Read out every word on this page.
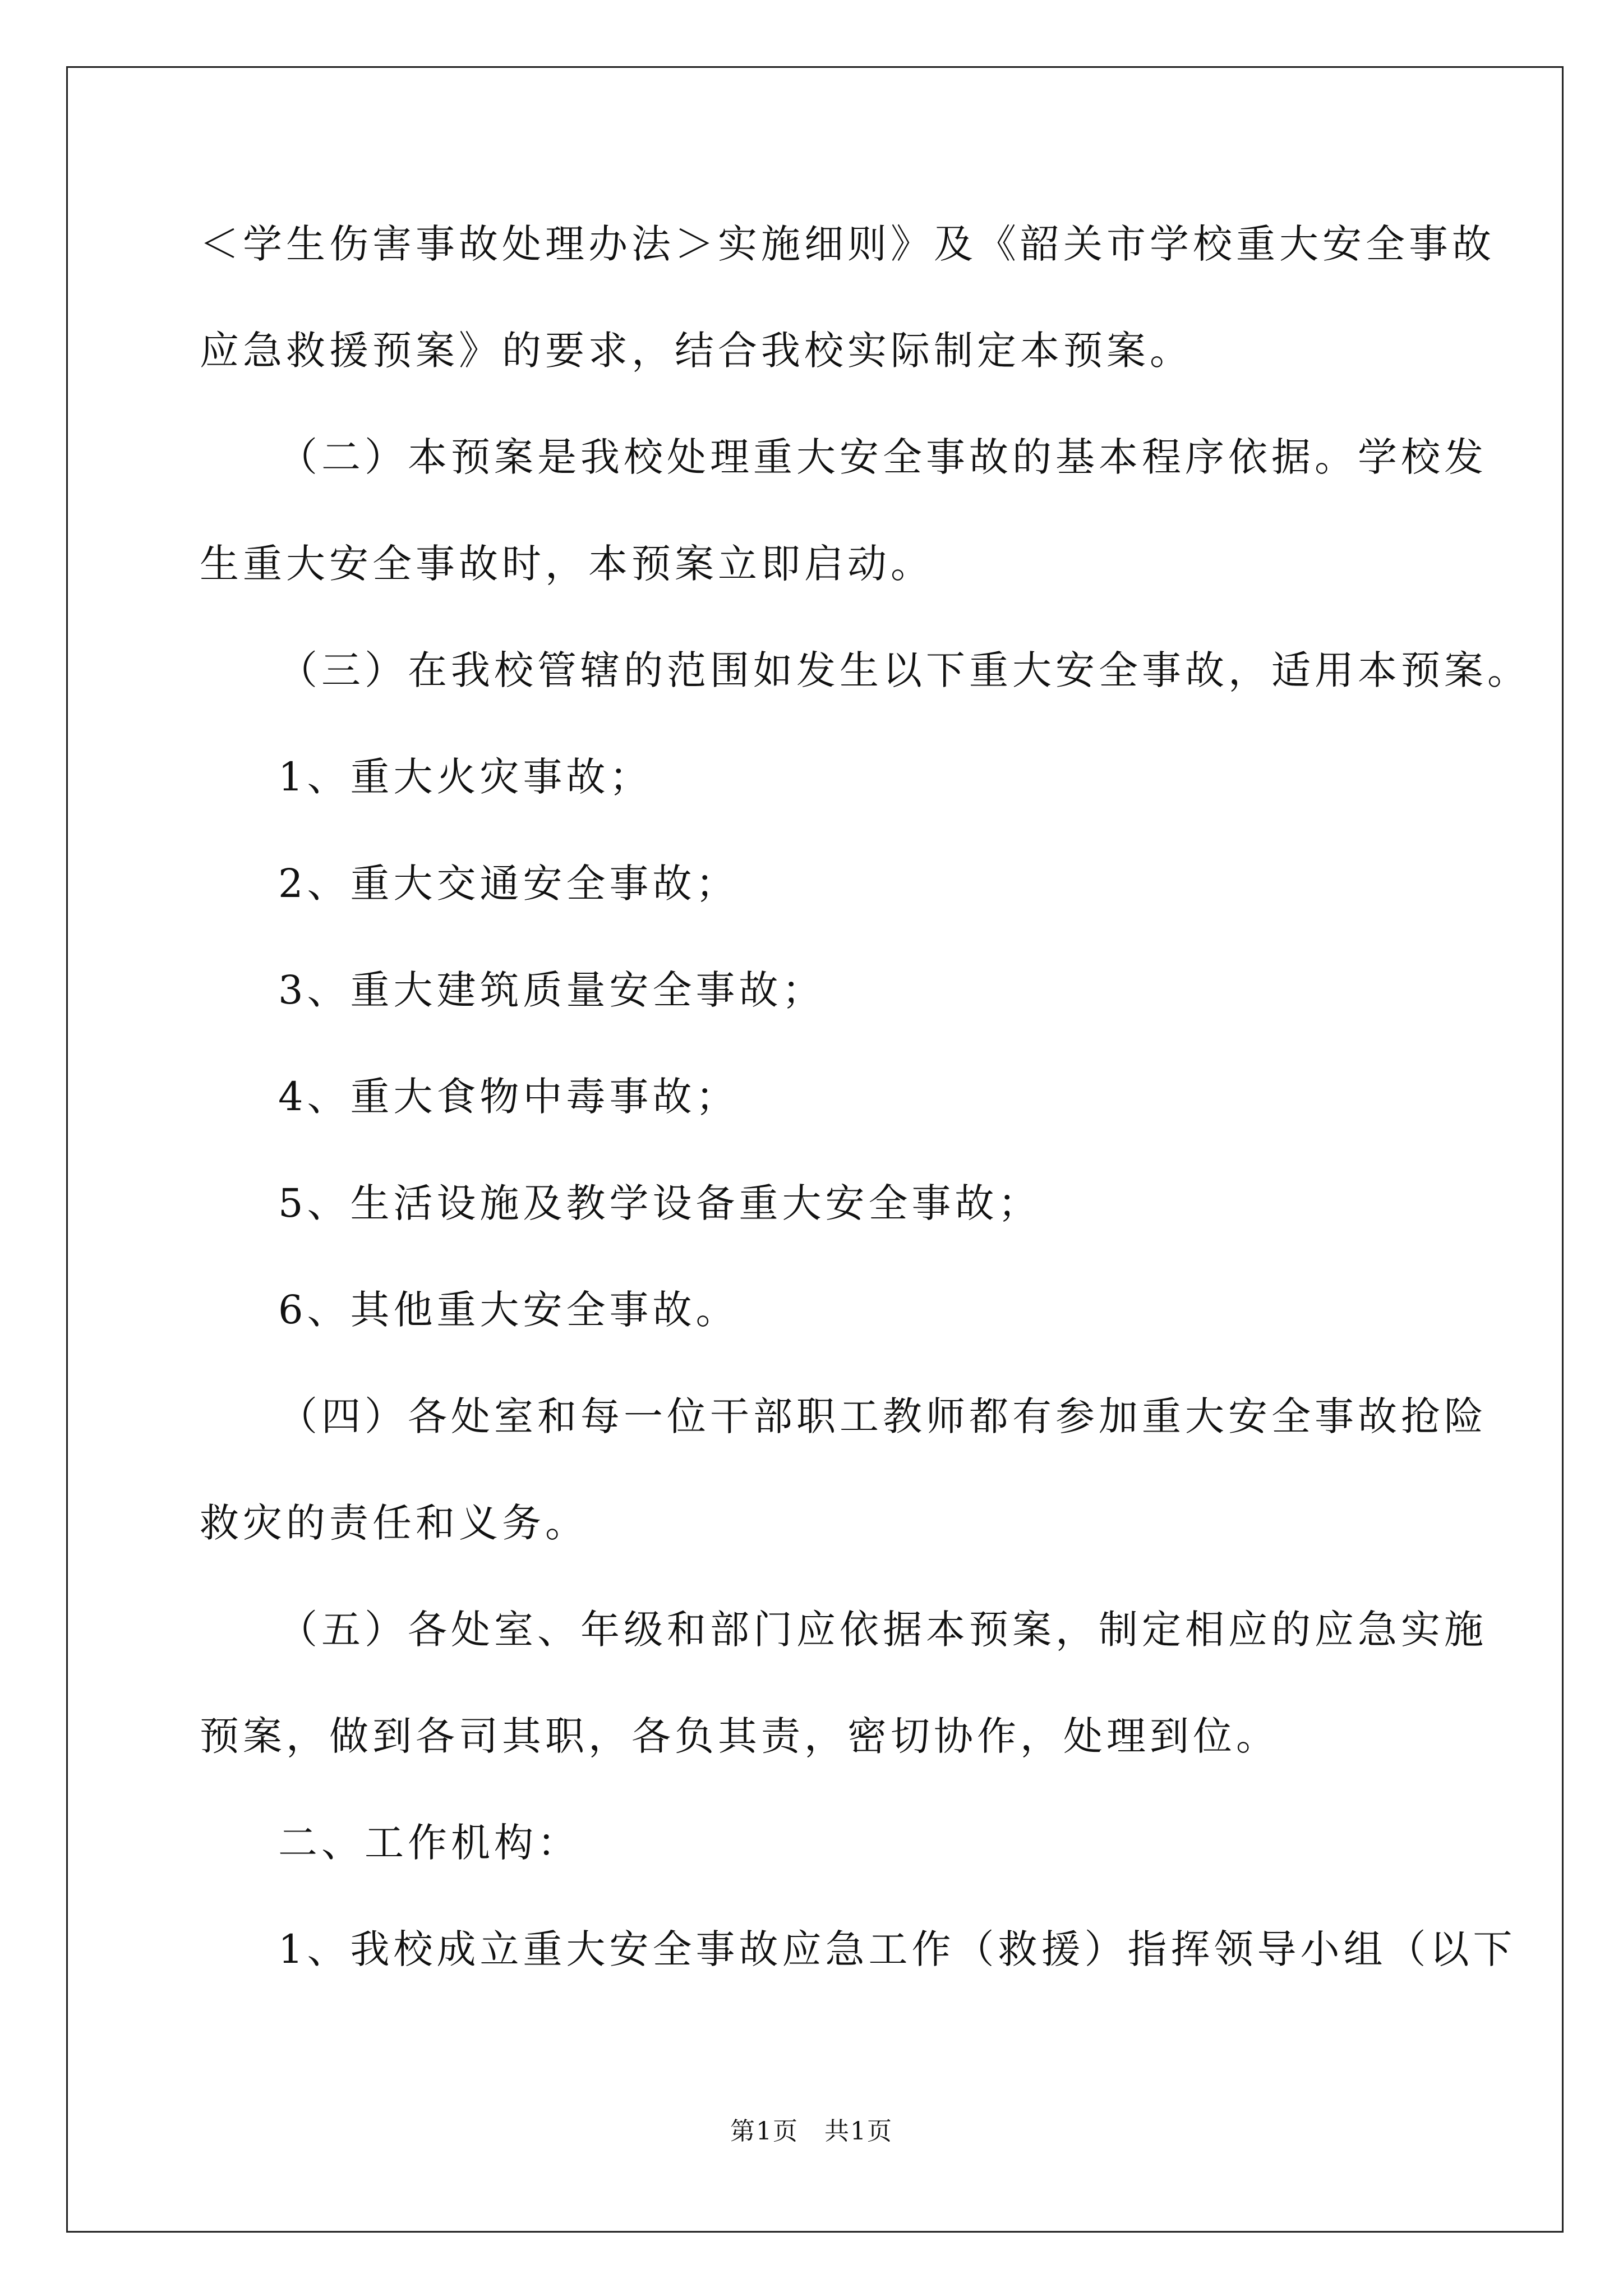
＜学生伤害事故处理办法＞实施细则》及《韶关市学校重大安全事故
应急救援预案》的要求，结合我校实际制定本预案。
（二）本预案是我校处理重大安全事故的基本程序依据。学校发
生重大安全事故时，本预案立即启动。
（三）在我校管辖的范围如发生以下重大安全事故，适用本预案。
1、重大火灾事故；
2、重大交通安全事故；
3、重大建筑质量安全事故；
4、重大食物中毒事故；
5、生活设施及教学设备重大安全事故；
6、其他重大安全事故。
（四）各处室和每一位干部职工教师都有参加重大安全事故抢险
救灾的责任和义务。
（五）各处室、年级和部门应依据本预案，制定相应的应急实施
预案，做到各司其职，各负其责，密切协作，处理到位。
二、工作机构：
1、我校成立重大安全事故应急工作（救援）指挥领导小组（以下
第1页　共1页
